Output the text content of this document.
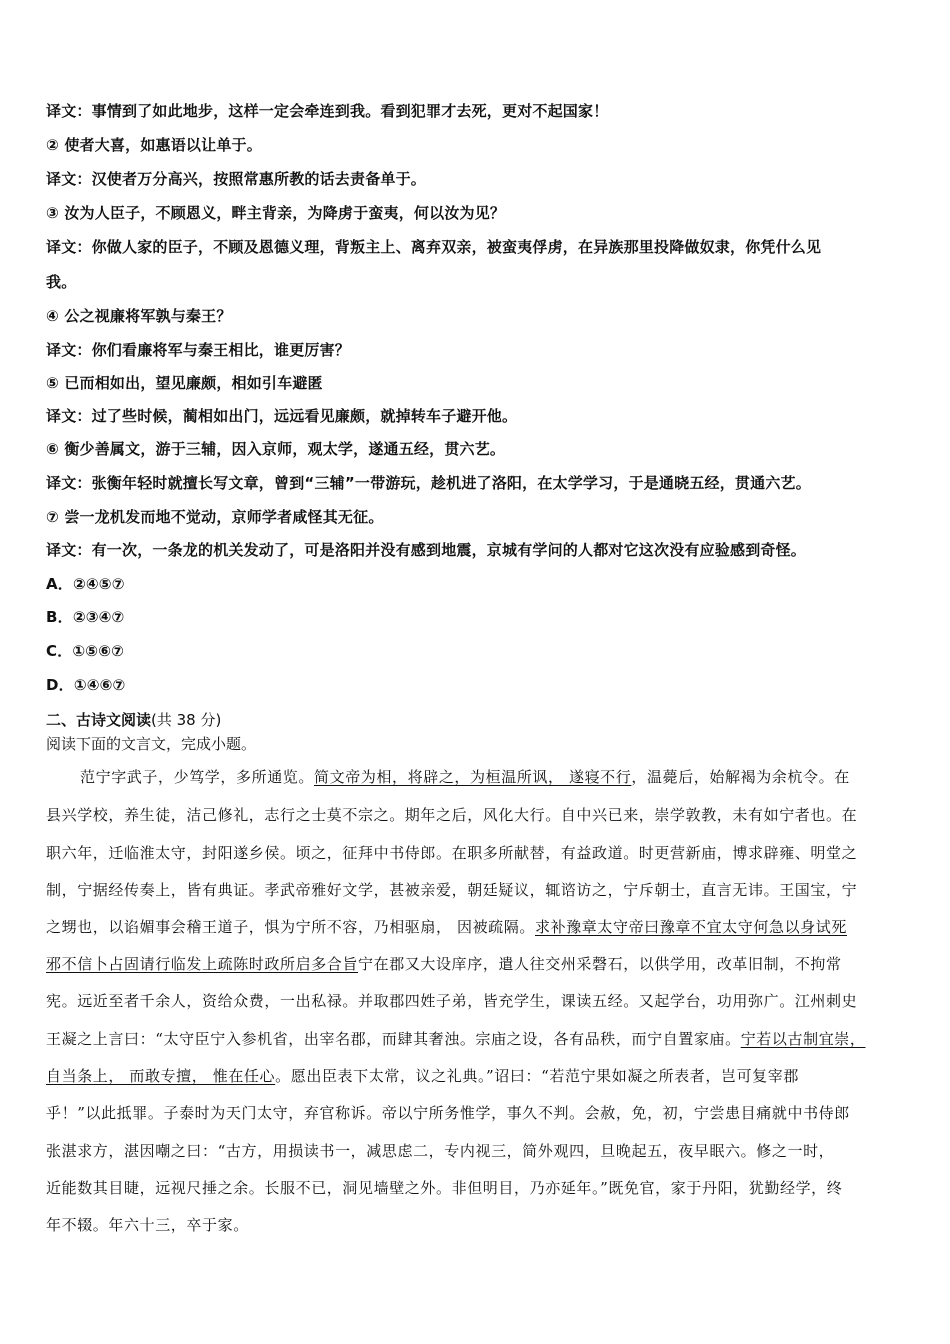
译文：事情到了如此地步，这样一定会牵连到我。看到犯罪才去死，更对不起国家！
② 使者大喜，如惠语以让单于。
译文：汉使者万分高兴，按照常惠所教的话去责备单于。
③ 汝为人臣子，不顾恩义，畔主背亲，为降虏于蛮夷，何以汝为见？
译文：你做人家的臣子，不顾及恩德义理，背叛主上、离弃双亲，被蛮夷俘虏，在异族那里投降做奴隶，你凭什么见
我。
④ 公之视廉将军孰与秦王？
译文：你们看廉将军与秦王相比，谁更厉害？
⑤ 已而相如出，望见廉颇，相如引车避匿
译文：过了些时候，蔺相如出门，远远看见廉颇，就掉转车子避开他。
⑥ 衡少善属文，游于三辅，因入京师，观太学，遂通五经，贯六艺。
译文：张衡年轻时就擅长写文章，曾到“三辅”一带游玩，趁机进了洛阳，在太学学习，于是通晓五经，贯通六艺。
⑦ 尝一龙机发而地不觉动，京师学者咸怪其无征。
译文：有一次，一条龙的机关发动了，可是洛阳并没有感到地震，京城有学问的人都对它这次没有应验感到奇怪。
A．②④⑤⑦
B．②③④⑦
C．①⑤⑥⑦
D．①④⑥⑦
二、古诗文阅读(共 38 分)
阅读下面的文言文，完成小题。
范宁字武子，少笃学，多所通览。简文帝为相，将辟之，为桓温所讽， 遂寝不行，温薨后，始解褐为余杭令。在
县兴学校，养生徒，洁己修礼，志行之士莫不宗之。期年之后，风化大行。自中兴已来，崇学敦教，未有如宁者也。在
职六年，迁临淮太守，封阳遂乡侯。顷之，征拜中书侍郎。在职多所献替，有益政道。时更营新庙，博求辟雍、明堂之
制，宁据经传奏上，皆有典证。孝武帝雅好文学，甚被亲爱，朝廷疑议，辄谘访之，宁斥朝士，直言无讳。王国宝，宁
之甥也，以谄媚事会稽王道子，惧为宁所不容，乃相驱扇， 因被疏隔。求补豫章太守帝曰豫章不宜太守何急以身试死
邪不信卜占固请行临发上疏陈时政所启多合旨宁在郡又大设庠序，遣人往交州采磬石，以供学用，改革旧制，不拘常
宪。远近至者千余人，资给众费，一出私禄。并取郡四姓子弟，皆充学生，课读五经。又起学台，功用弥广。江州刺史
王凝之上言曰：“太守臣宁入参机省，出宰名郡，而肆其奢浊。宗庙之设，各有品秩，而宁自置家庙。宁若以古制宜崇，
自当条上， 而敢专擅， 惟在任心。愿出臣表下太常，议之礼典。”诏曰：“若范宁果如凝之所表者，岂可复宰郡
乎！”以此抵罪。子泰时为天门太守，弃官称诉。帝以宁所务惟学，事久不判。会赦，免，初，宁尝患目痛就中书侍郎
张湛求方，湛因嘲之曰：“古方，用损读书一，减思虑二，专内视三，简外观四，旦晚起五，夜早眠六。修之一时，
近能数其目睫，远视尺捶之余。长服不已，洞见墙壁之外。非但明目，乃亦延年。”既免官，家于丹阳，犹勤经学，终
年不辍。年六十三，卒于家。
